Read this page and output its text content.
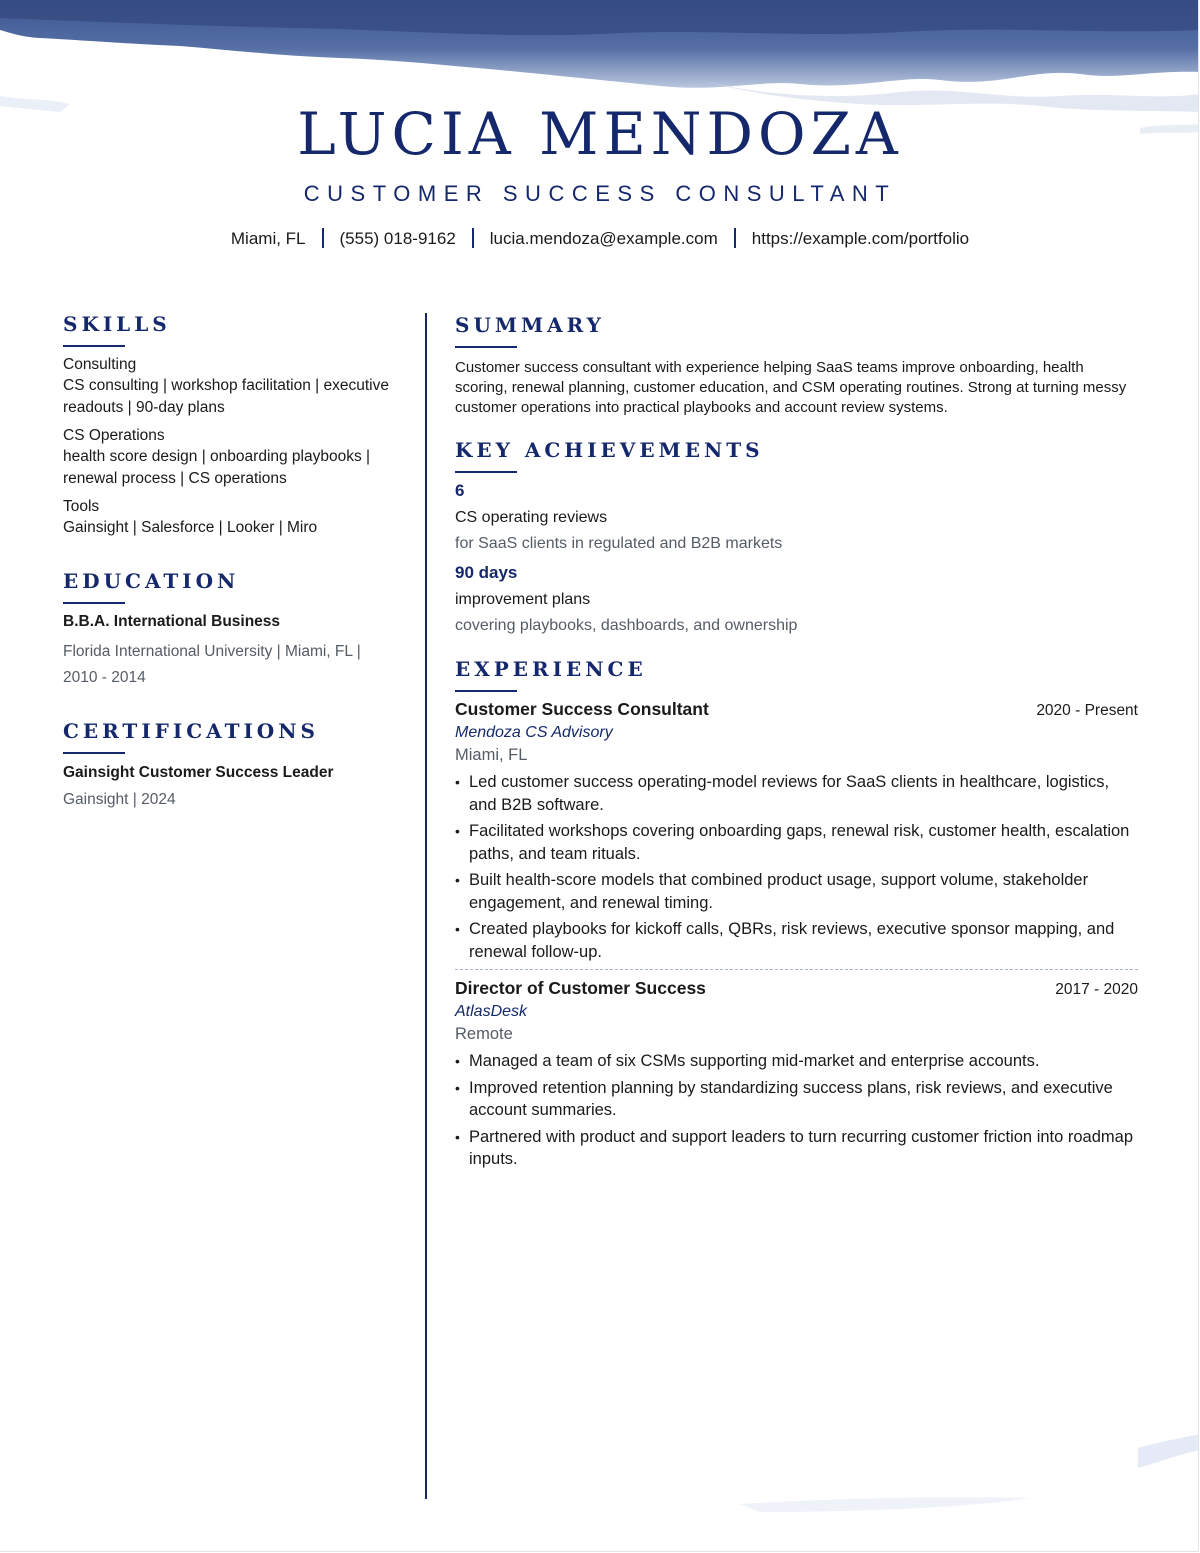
LUCIA MENDOZA
CUSTOMER SUCCESS CONSULTANT
Miami, FL (555) 018-9162 lucia.mendoza@example.com https://example.com/portfolio
SKILLS
Consulting
CS consulting | workshop facilitation | executive readouts | 90-day plans
CS Operations
health score design | onboarding playbooks | renewal process | CS operations
Tools
Gainsight | Salesforce | Looker | Miro
EDUCATION
B.B.A. International Business
Florida International University | Miami, FL | 2010 - 2014
CERTIFICATIONS
Gainsight Customer Success Leader
Gainsight | 2024
SUMMARY
Customer success consultant with experience helping SaaS teams improve onboarding, health scoring, renewal planning, customer education, and CSM operating routines. Strong at turning messy customer operations into practical playbooks and account review systems.
KEY ACHIEVEMENTS
6
CS operating reviews
for SaaS clients in regulated and B2B markets
90 days
improvement plans
covering playbooks, dashboards, and ownership
EXPERIENCE
Customer Success Consultant	2020 - Present
Mendoza CS Advisory
Miami, FL
• Led customer success operating-model reviews for SaaS clients in healthcare, logistics, and B2B software.
• Facilitated workshops covering onboarding gaps, renewal risk, customer health, escalation paths, and team rituals.
• Built health-score models that combined product usage, support volume, stakeholder engagement, and renewal timing.
• Created playbooks for kickoff calls, QBRs, risk reviews, executive sponsor mapping, and renewal follow-up.
Director of Customer Success	2017 - 2020
AtlasDesk
Remote
• Managed a team of six CSMs supporting mid-market and enterprise accounts.
• Improved retention planning by standardizing success plans, risk reviews, and executive account summaries.
• Partnered with product and support leaders to turn recurring customer friction into roadmap inputs.
